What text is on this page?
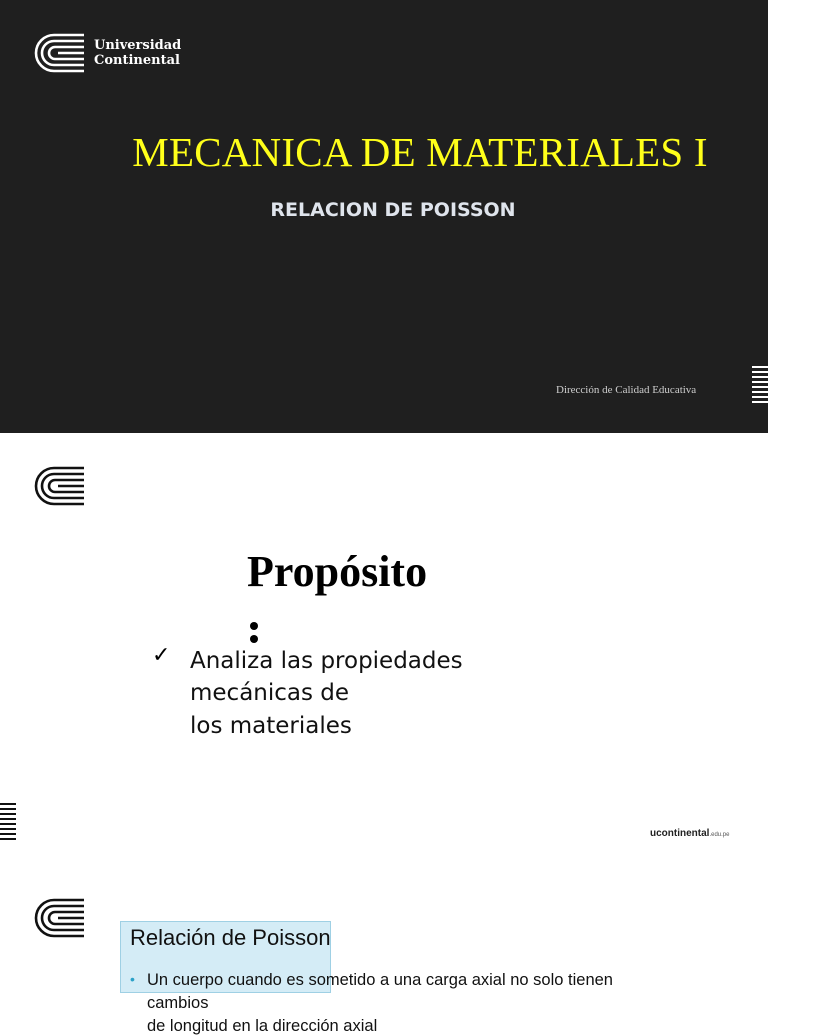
Universidad
Continental
MECANICA DE MATERIALES I
RELACION DE POISSON
Dirección de Calidad Educativa
Propósito
✓ Analiza las propiedades
mecánicas de
los materiales
ucontinental.edu.pe
Relación de Poisson
• Un cuerpo cuando es sometido a una carga axial no solo tienen
cambios
de longitud en la dirección axial
